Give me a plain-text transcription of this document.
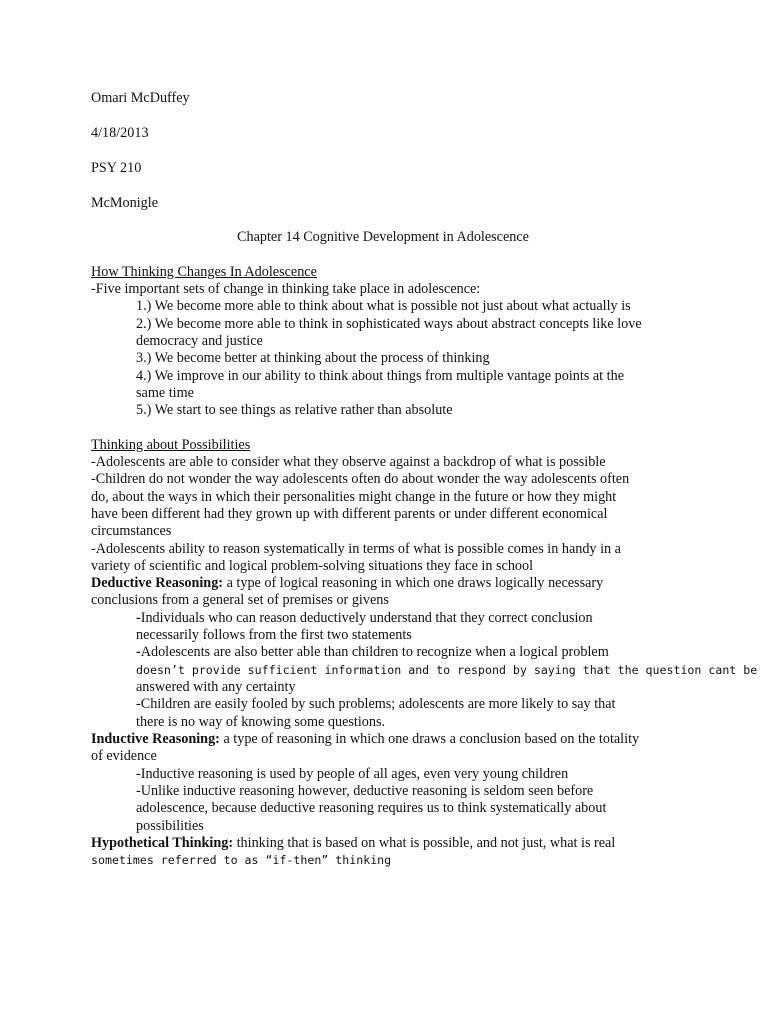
Omari McDuffey
4/18/2013
PSY 210
McMonigle
Chapter 14 Cognitive Development in Adolescence
How Thinking Changes In Adolescence
-Five important sets of change in thinking take place in adolescence:
1.) We become more able to think about what is possible not just about what actually is
2.) We become more able to think in sophisticated ways about abstract concepts like love
democracy and justice
3.) We become better at thinking about the process of thinking
4.) We improve in our ability to think about things from multiple vantage points at the
same time
5.) We start to see things as relative rather than absolute
Thinking about Possibilities
-Adolescents are able to consider what they observe against a backdrop of what is possible
-Children do not wonder the way adolescents often do about wonder the way adolescents often
do, about the ways in which their personalities might change in the future or how they might
have been different had they grown up with different parents or under different economical
circumstances
-Adolescents ability to reason systematically in terms of what is possible comes in handy in a
variety of scientific and logical problem-solving situations they face in school
Deductive Reasoning: a type of logical reasoning in which one draws logically necessary
conclusions from a general set of premises or givens
-Individuals who can reason deductively understand that they correct conclusion
necessarily follows from the first two statements
-Adolescents are also better able than children to recognize when a logical problem
doesn’t provide sufficient information and to respond by saying that the question cant be
answered with any certainty
-Children are easily fooled by such problems; adolescents are more likely to say that
there is no way of knowing some questions.
Inductive Reasoning: a type of reasoning in which one draws a conclusion based on the totality
of evidence
-Inductive reasoning is used by people of all ages, even very young children
-Unlike inductive reasoning however, deductive reasoning is seldom seen before
adolescence, because deductive reasoning requires us to think systematically about
possibilities
Hypothetical Thinking: thinking that is based on what is possible, and not just, what is real
sometimes referred to as “if-then” thinking
